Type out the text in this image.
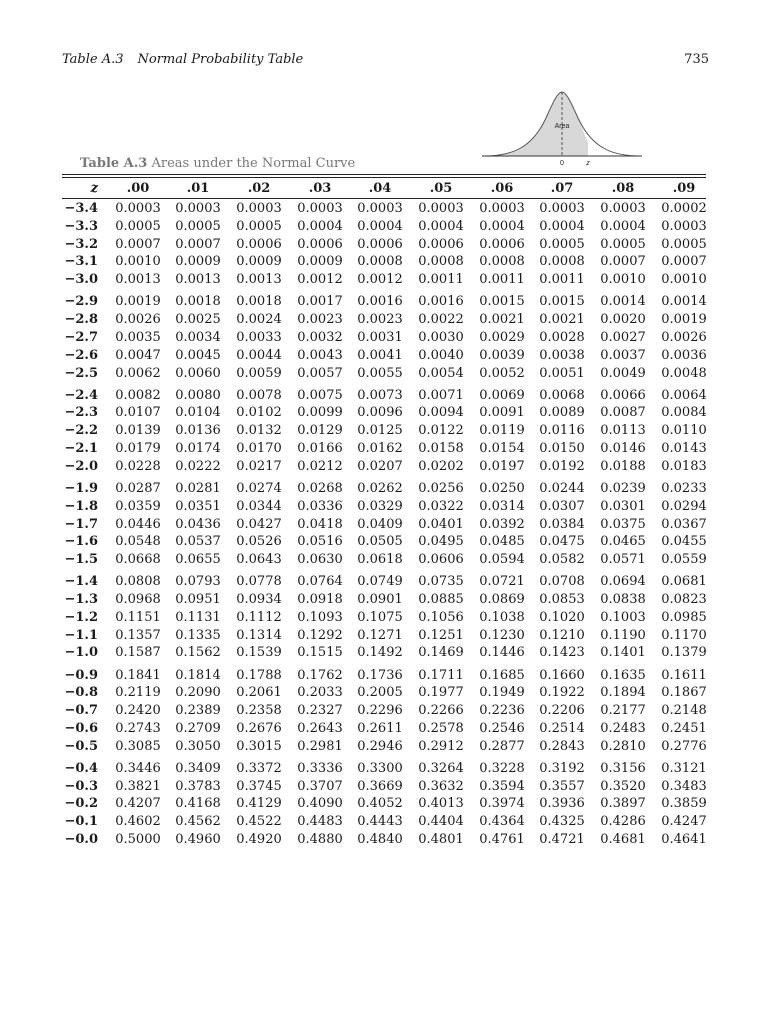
Table A.3 Normal Probability Table	735
Area
0	z
Table A.3 Areas under the Normal Curve
z	.00	.01	.02	.03	.04	.05	.06	.07	.08	.09
−3.4	0.0003	0.0003	0.0003	0.0003	0.0003	0.0003	0.0003	0.0003	0.0003	0.0002
−3.3	0.0005	0.0005	0.0005	0.0004	0.0004	0.0004	0.0004	0.0004	0.0004	0.0003
−3.2	0.0007	0.0007	0.0006	0.0006	0.0006	0.0006	0.0006	0.0005	0.0005	0.0005
−3.1	0.0010	0.0009	0.0009	0.0009	0.0008	0.0008	0.0008	0.0008	0.0007	0.0007
−3.0	0.0013	0.0013	0.0013	0.0012	0.0012	0.0011	0.0011	0.0011	0.0010	0.0010
−2.9	0.0019	0.0018	0.0018	0.0017	0.0016	0.0016	0.0015	0.0015	0.0014	0.0014
−2.8	0.0026	0.0025	0.0024	0.0023	0.0023	0.0022	0.0021	0.0021	0.0020	0.0019
−2.7	0.0035	0.0034	0.0033	0.0032	0.0031	0.0030	0.0029	0.0028	0.0027	0.0026
−2.6	0.0047	0.0045	0.0044	0.0043	0.0041	0.0040	0.0039	0.0038	0.0037	0.0036
−2.5	0.0062	0.0060	0.0059	0.0057	0.0055	0.0054	0.0052	0.0051	0.0049	0.0048
−2.4	0.0082	0.0080	0.0078	0.0075	0.0073	0.0071	0.0069	0.0068	0.0066	0.0064
−2.3	0.0107	0.0104	0.0102	0.0099	0.0096	0.0094	0.0091	0.0089	0.0087	0.0084
−2.2	0.0139	0.0136	0.0132	0.0129	0.0125	0.0122	0.0119	0.0116	0.0113	0.0110
−2.1	0.0179	0.0174	0.0170	0.0166	0.0162	0.0158	0.0154	0.0150	0.0146	0.0143
−2.0	0.0228	0.0222	0.0217	0.0212	0.0207	0.0202	0.0197	0.0192	0.0188	0.0183
−1.9	0.0287	0.0281	0.0274	0.0268	0.0262	0.0256	0.0250	0.0244	0.0239	0.0233
−1.8	0.0359	0.0351	0.0344	0.0336	0.0329	0.0322	0.0314	0.0307	0.0301	0.0294
−1.7	0.0446	0.0436	0.0427	0.0418	0.0409	0.0401	0.0392	0.0384	0.0375	0.0367
−1.6	0.0548	0.0537	0.0526	0.0516	0.0505	0.0495	0.0485	0.0475	0.0465	0.0455
−1.5	0.0668	0.0655	0.0643	0.0630	0.0618	0.0606	0.0594	0.0582	0.0571	0.0559
−1.4	0.0808	0.0793	0.0778	0.0764	0.0749	0.0735	0.0721	0.0708	0.0694	0.0681
−1.3	0.0968	0.0951	0.0934	0.0918	0.0901	0.0885	0.0869	0.0853	0.0838	0.0823
−1.2	0.1151	0.1131	0.1112	0.1093	0.1075	0.1056	0.1038	0.1020	0.1003	0.0985
−1.1	0.1357	0.1335	0.1314	0.1292	0.1271	0.1251	0.1230	0.1210	0.1190	0.1170
−1.0	0.1587	0.1562	0.1539	0.1515	0.1492	0.1469	0.1446	0.1423	0.1401	0.1379
−0.9	0.1841	0.1814	0.1788	0.1762	0.1736	0.1711	0.1685	0.1660	0.1635	0.1611
−0.8	0.2119	0.2090	0.2061	0.2033	0.2005	0.1977	0.1949	0.1922	0.1894	0.1867
−0.7	0.2420	0.2389	0.2358	0.2327	0.2296	0.2266	0.2236	0.2206	0.2177	0.2148
−0.6	0.2743	0.2709	0.2676	0.2643	0.2611	0.2578	0.2546	0.2514	0.2483	0.2451
−0.5	0.3085	0.3050	0.3015	0.2981	0.2946	0.2912	0.2877	0.2843	0.2810	0.2776
−0.4	0.3446	0.3409	0.3372	0.3336	0.3300	0.3264	0.3228	0.3192	0.3156	0.3121
−0.3	0.3821	0.3783	0.3745	0.3707	0.3669	0.3632	0.3594	0.3557	0.3520	0.3483
−0.2	0.4207	0.4168	0.4129	0.4090	0.4052	0.4013	0.3974	0.3936	0.3897	0.3859
−0.1	0.4602	0.4562	0.4522	0.4483	0.4443	0.4404	0.4364	0.4325	0.4286	0.4247
−0.0	0.5000	0.4960	0.4920	0.4880	0.4840	0.4801	0.4761	0.4721	0.4681	0.4641
